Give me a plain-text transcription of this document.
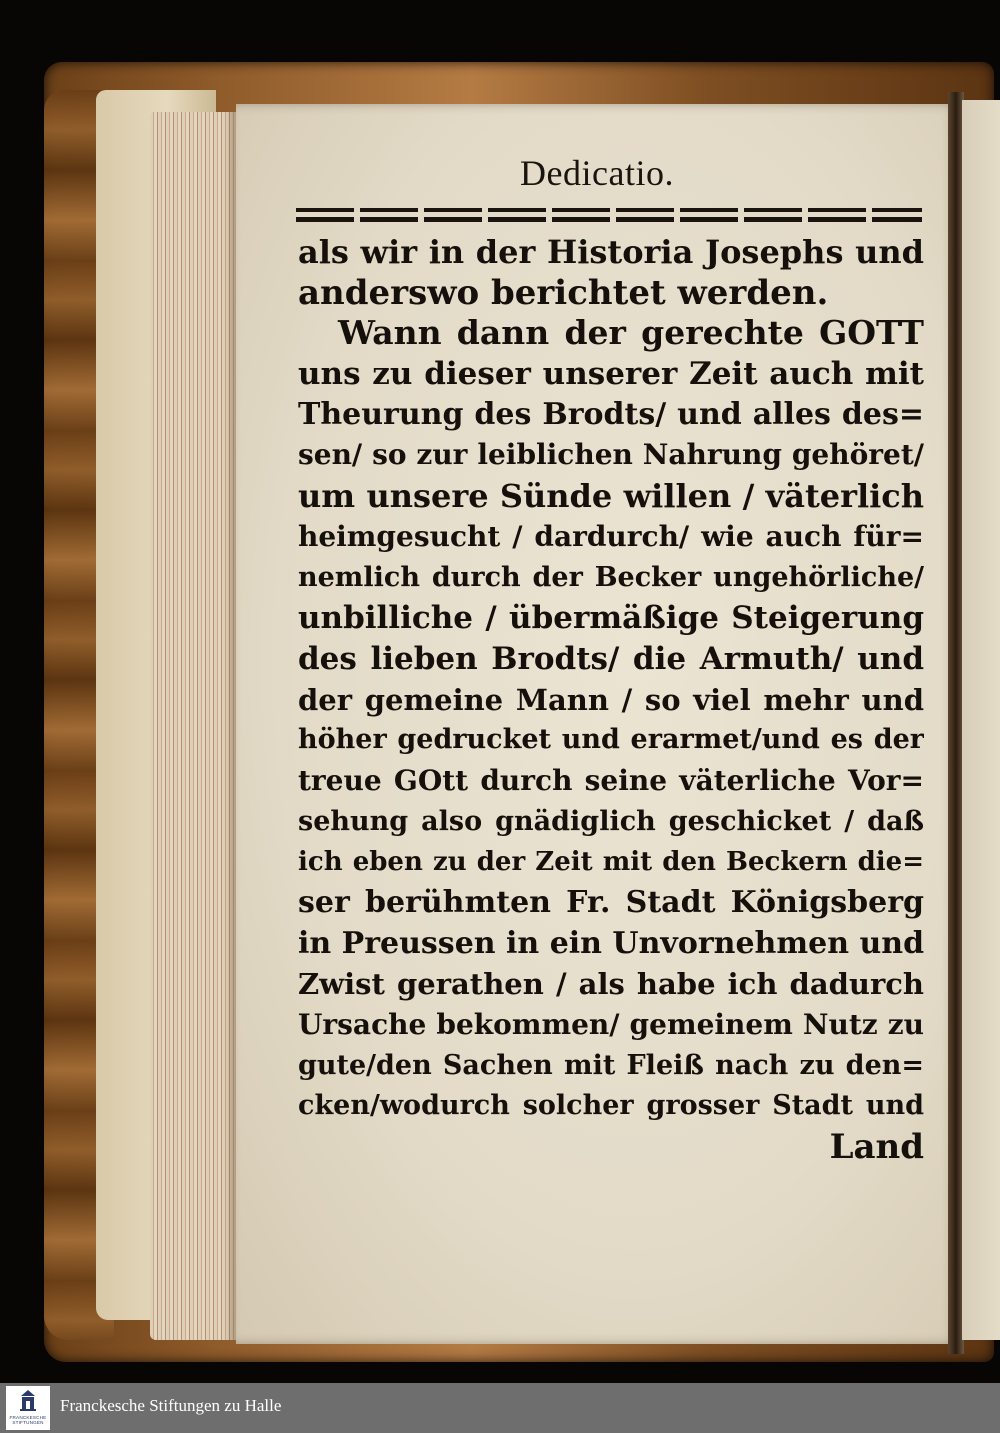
Dedicatio.
als wir in der Historia Josephs und
anderswo berichtet werden.
Wann dann der gerechte GOTT
uns zu dieser unserer Zeit auch mit
Theurung des Brodts/ und alles des=
sen/ so zur leiblichen Nahrung gehöret/
um unsere Sünde willen / väterlich
heimgesucht / dardurch/ wie auch für=
nemlich durch der Becker ungehörliche/
unbilliche / übermäßige Steigerung
des lieben Brodts/ die Armuth/ und
der gemeine Mann / so viel mehr und
höher gedrucket und erarmet/und es der
treue GOtt durch seine väterliche Vor=
sehung also gnädiglich geschicket / daß
ich eben zu der Zeit mit den Beckern die=
ser berühmten Fr. Stadt Königsberg
in Preussen in ein Unvornehmen und
Zwist gerathen / als habe ich dadurch
Ursache bekommen/ gemeinem Nutz zu
gute/den Sachen mit Fleiß nach zu den=
cken/wodurch solcher grosser Stadt und
Land
FRANCKESCHE STIFTUNGEN
Franckesche Stiftungen zu Halle
